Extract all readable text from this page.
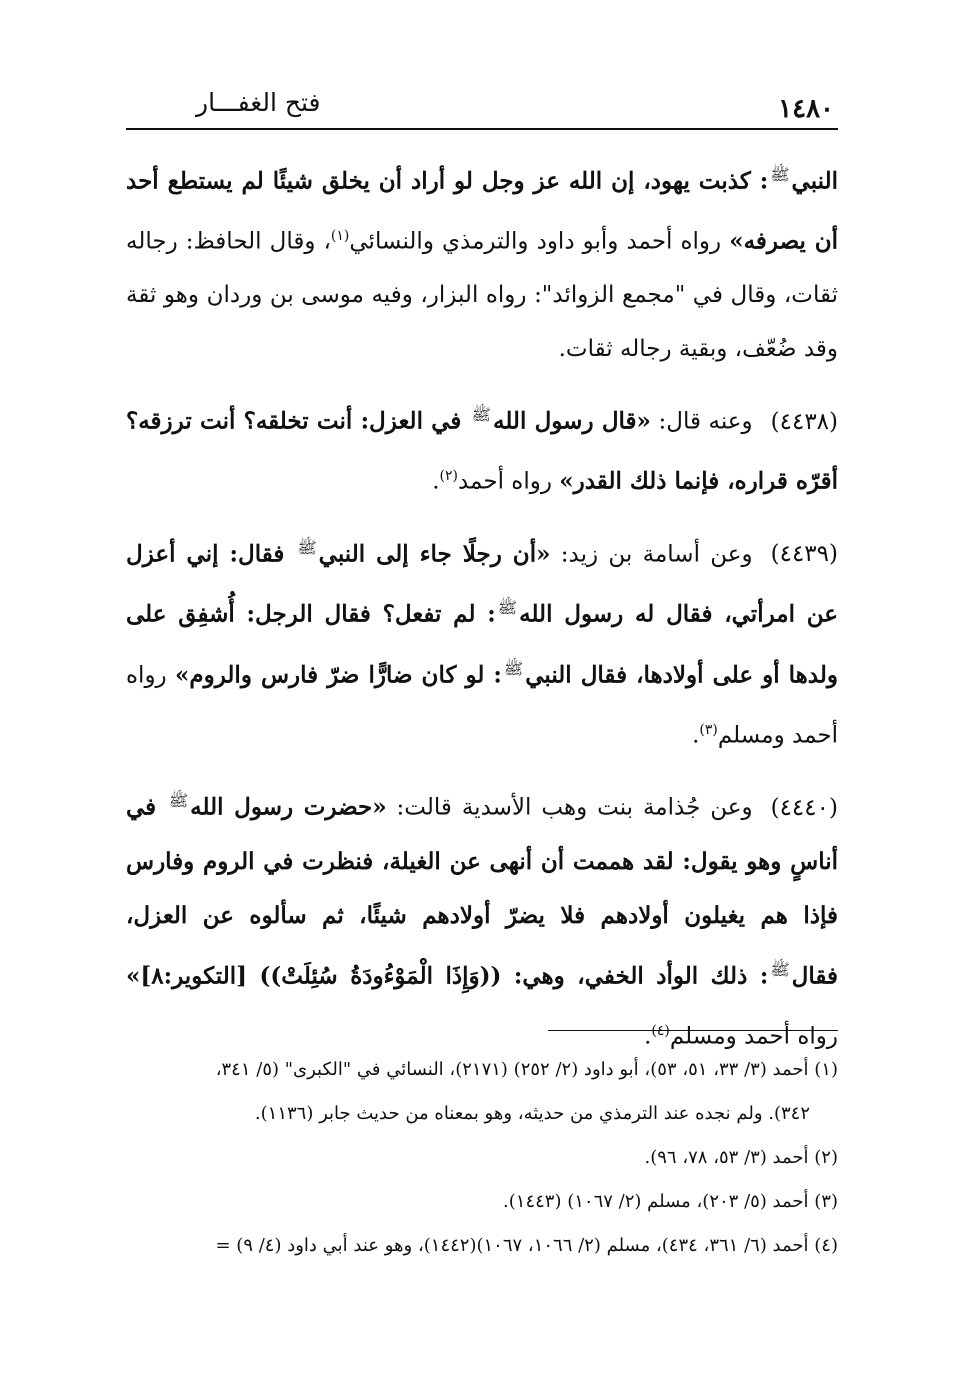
١٤٨٠
فتح الغفـــار

النبي$^ﷺ$: كذبت يهود، إن الله عز وجل لو أراد أن يخلق شيئًا لم يستطع أحد أن يصرفه» رواه أحمد وأبو داود والترمذي والنسائي$^{(١)}$، وقال الحافظ: رجاله ثقات، وقال في "مجمع الزوائد": رواه البزار، وفيه موسى بن وردان وهو ثقة وقد ضُعّف، وبقية رجاله ثقات.

(٤٤٣٨)وعنه قال: «قال رسول الله$^ﷺ$ في العزل: أنت تخلقه؟ أنت ترزقه؟ أقرّه قراره، فإنما ذلك القدر» رواه أحمد$^{(٢)}$.

(٤٤٣٩)وعن أسامة بن زيد: «أن رجلًا جاء إلى النبي$^ﷺ$ فقال: إني أعزل عن امرأتي، فقال له رسول الله$^ﷺ$: لم تفعل؟ فقال الرجل: أُشفِق على ولدها أو على أولادها، فقال النبي$^ﷺ$: لو كان ضارًّا ضرّ فارس والروم» رواه أحمد ومسلم$^{(٣)}$.

(٤٤٤٠)وعن جُذامة بنت وهب الأسدية قالت: «حضرت رسول الله$^ﷺ$ في أناسٍ وهو يقول: لقد هممت أن أنهى عن الغيلة، فنظرت في الروم وفارس فإذا هم يغيلون أولادهم فلا يضرّ أولادهم شيئًا، ثم سألوه عن العزل، فقال$^ﷺ$: ذلك الوأد الخفي، وهي: ((وَإِذَا الْمَوْءُودَةُ سُئِلَتْ)) [التكوير:٨]» رواه أحمد ومسلم$^{(٤)}$.

(١) أحمد (٣/ ٣٣، ٥١، ٥٣)، أبو داود (٢/ ٢٥٢) (٢١٧١)، النسائي في "الكبرى" (٥/ ٣٤١،

٣٤٢). ولم نجده عند الترمذي من حديثه، وهو بمعناه من حديث جابر (١١٣٦).

(٢) أحمد (٣/ ٥٣، ٧٨، ٩٦).

(٣) أحمد (٥/ ٢٠٣)، مسلم (٢/ ١٠٦٧) (١٤٤٣).

(٤) أحمد (٦/ ٣٦١، ٤٣٤)، مسلم (٢/ ١٠٦٦، ١٠٦٧)(١٤٤٢)، وهو عند أبي داود (٤/ ٩) =
